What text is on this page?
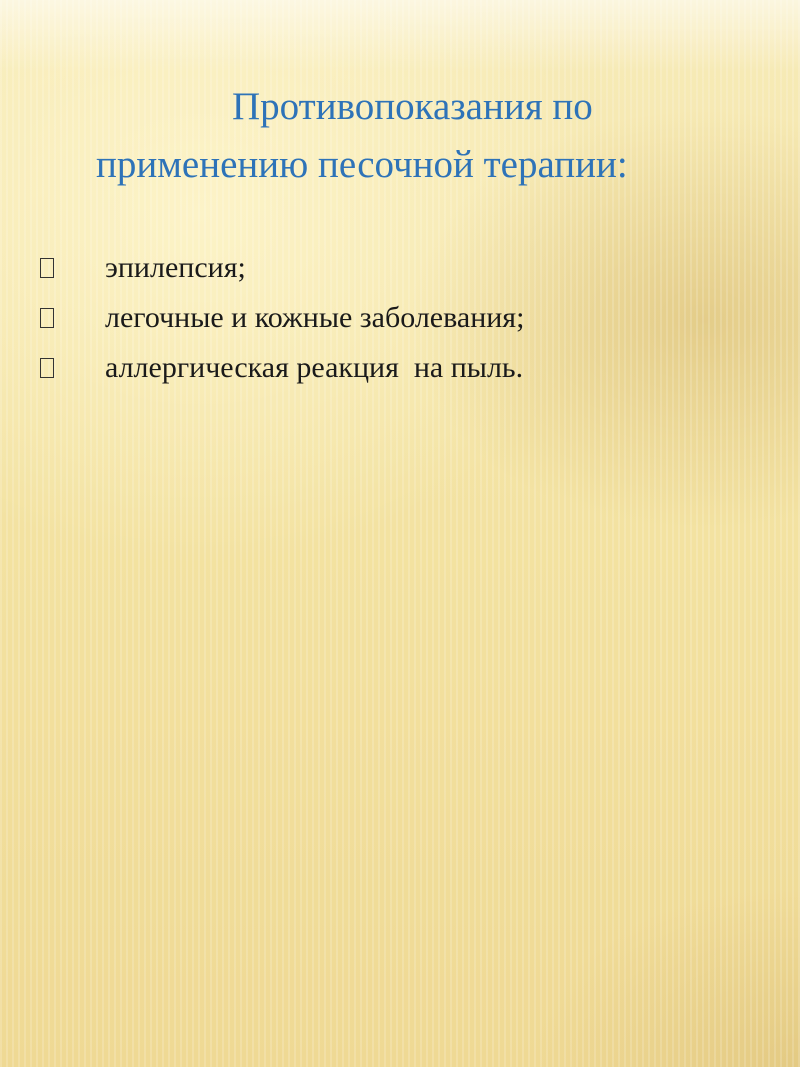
Противопоказания по
применению песочной терапии:
эпилепсия;
легочные и кожные заболевания;
аллергическая реакция  на пыль.
